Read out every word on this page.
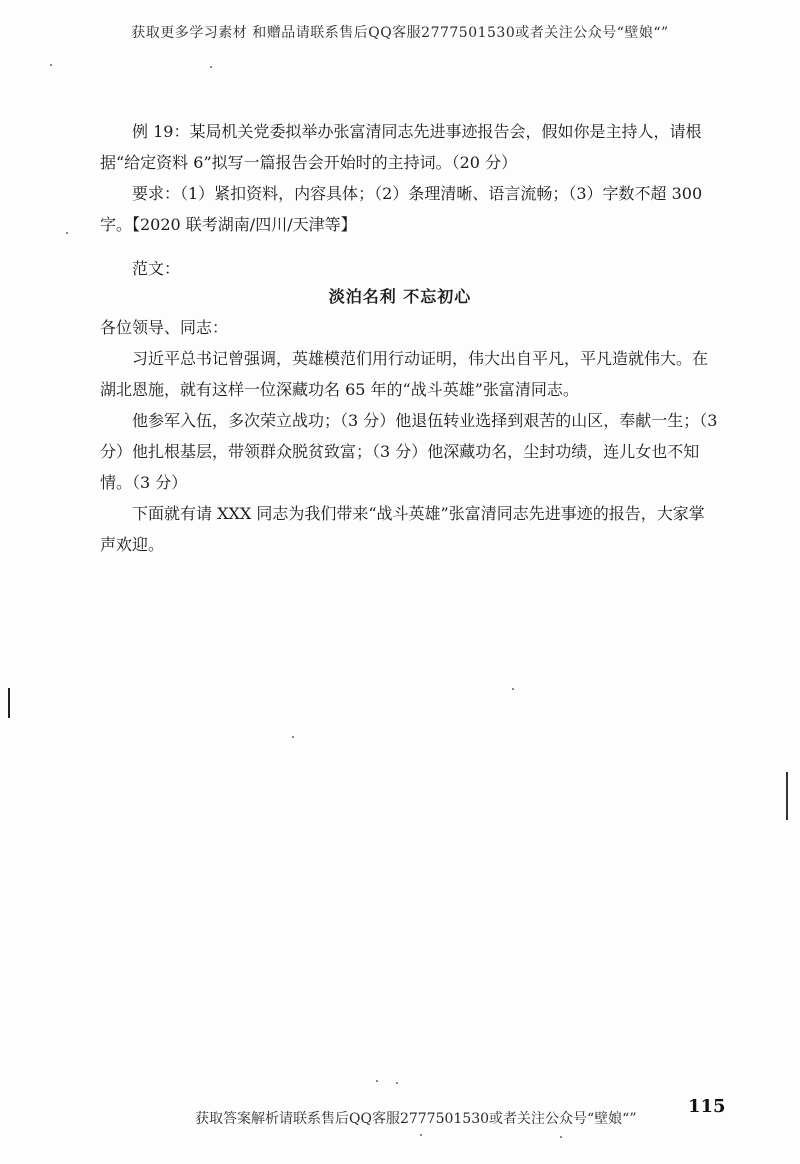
获取更多学习素材 和赠品请联系售后QQ客服2777501530或者关注公众号“壁娘“”

例 19：某局机关党委拟举办张富清同志先进事迹报告会，假如你是主持人，请根据“给定资料 6”拟写一篇报告会开始时的主持词。（20 分）

要求：（1）紧扣资料，内容具体；（2）条理清晰、语言流畅；（3）字数不超 300 字。【2020 联考湖南/四川/天津等】

范文：
淡泊名利 不忘初心

各位领导、同志：

习近平总书记曾强调，英雄模范们用行动证明，伟大出自平凡，平凡造就伟大。在湖北恩施，就有这样一位深藏功名 65 年的“战斗英雄”张富清同志。

他参军入伍，多次荣立战功；（3 分）他退伍转业选择到艰苦的山区，奉献一生；（3 分）他扎根基层，带领群众脱贫致富；（3 分）他深藏功名，尘封功绩，连儿女也不知情。（3 分）

下面就有请 XXX 同志为我们带来“战斗英雄”张富清同志先进事迹的报告，大家掌声欢迎。

获取答案解析请联系售后QQ客服2777501530或者关注公众号“壁娘“”
115
